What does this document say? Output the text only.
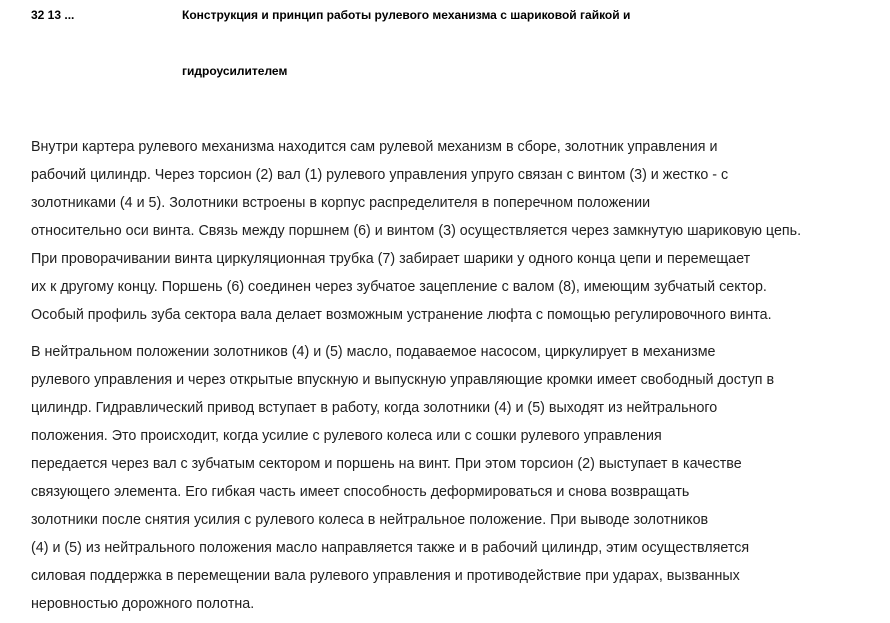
32 13 ...	Конструкция и принцип работы рулевого механизма с шариковой гайкой и
гидроусилителем
Внутри картера рулевого механизма находится сам рулевой механизм в сборе, золотник управления и
рабочий цилиндр. Через торсион (2) вал (1) рулевого управления упруго связан с винтом (3) и жестко - с
золотниками (4 и 5). Золотники встроены в корпус распределителя в поперечном положении
относительно оси винта. Связь между поршнем (6) и винтом (3) осуществляется через замкнутую шариковую цепь.
При проворачивании винта циркуляционная трубка (7) забирает шарики у одного конца цепи и перемещает
их к другому концу. Поршень (6) соединен через зубчатое зацепление с валом (8), имеющим зубчатый сектор.
Особый профиль зуба сектора вала делает возможным устранение люфта с помощью регулировочного винта.
В нейтральном положении золотников (4) и (5) масло, подаваемое насосом, циркулирует в механизме
рулевого управления и через открытые впускную и выпускную управляющие кромки имеет свободный доступ в
цилиндр. Гидравлический привод вступает в работу, когда золотники (4) и (5) выходят из нейтрального
положения. Это происходит, когда усилие с рулевого колеса или с сошки рулевого управления
передается через вал с зубчатым сектором и поршень на винт. При этом торсион (2) выступает в качестве
связующего элемента. Его гибкая часть имеет способность деформироваться и снова возвращать
золотники после снятия усилия с рулевого колеса в нейтральное положение. При выводе золотников
(4) и (5) из нейтрального положения масло направляется также и в рабочий цилиндр, этим осуществляется
силовая поддержка в перемещении вала рулевого управления и противодействие при ударах, вызванных
неровностью дорожного полотна.
